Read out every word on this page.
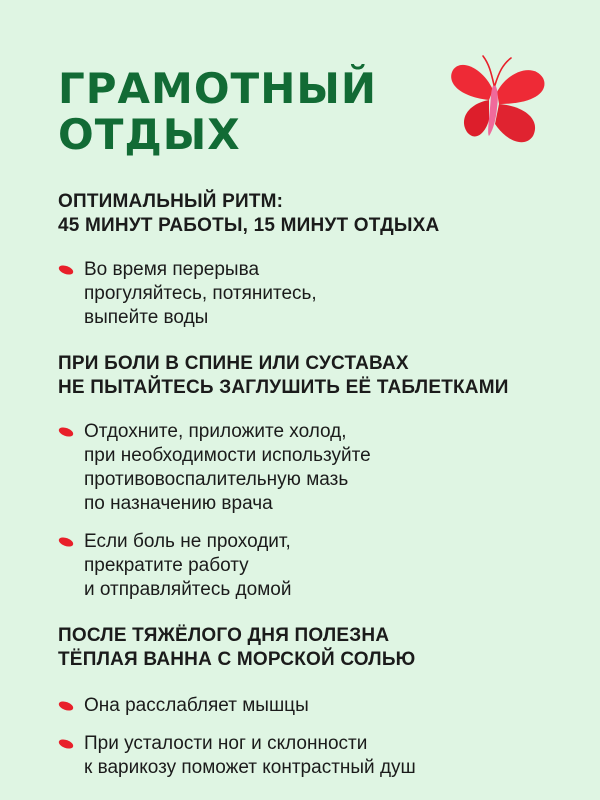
ГРАМОТНЫЙ
ОТДЫХ
ОПТИМАЛЬНЫЙ РИТМ:
45 МИНУТ РАБОТЫ, 15 МИНУТ ОТДЫХА
Во время перерыва
прогуляйтесь, потянитесь,
выпейте воды
ПРИ БОЛИ В СПИНЕ ИЛИ СУСТАВАХ
НЕ ПЫТАЙТЕСЬ ЗАГЛУШИТЬ ЕЁ ТАБЛЕТКАМИ
Отдохните, приложите холод,
при необходимости используйте
противовоспалительную мазь
по назначению врача
Если боль не проходит,
прекратите работу
и отправляйтесь домой
ПОСЛЕ ТЯЖЁЛОГО ДНЯ ПОЛЕЗНА
ТЁПЛАЯ ВАННА С МОРСКОЙ СОЛЬЮ
Она расслабляет мышцы
При усталости ног и склонности
к варикозу поможет контрастный душ
